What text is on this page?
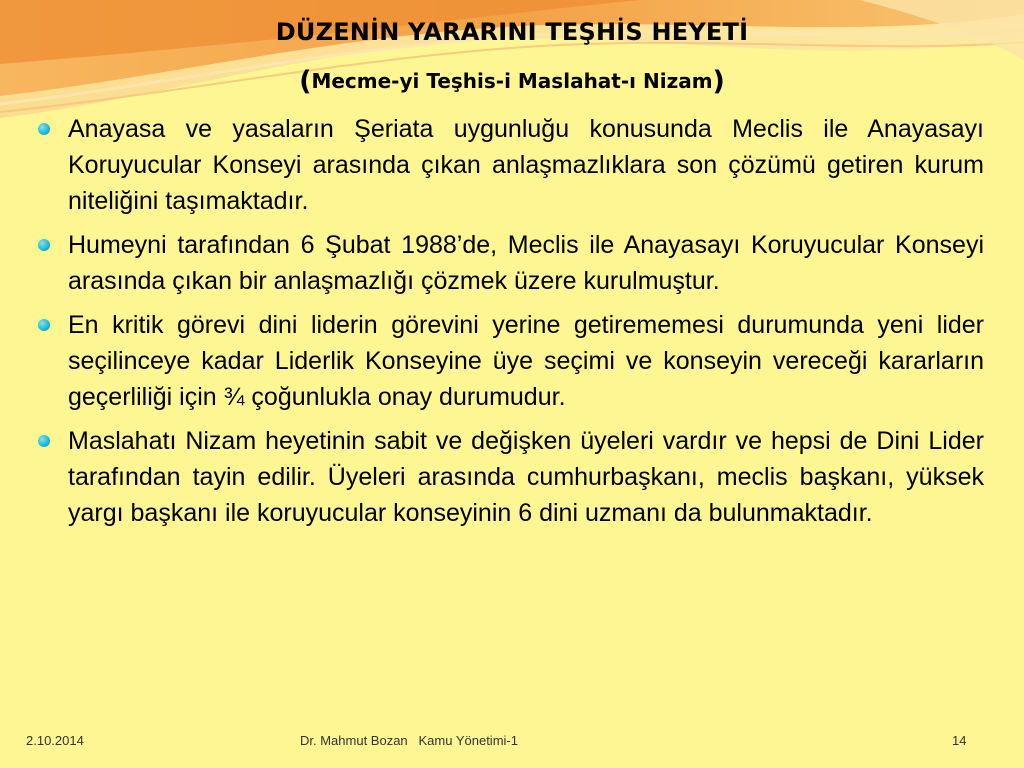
DÜZENİN YARARINI TEŞHİS HEYETİ
(Mecme-yi Teşhis-i Maslahat-ı Nizam)
Anayasa ve yasaların Şeriata uygunluğu konusunda Meclis ile Anayasayı Koruyucular Konseyi arasında çıkan anlaşmazlıklara son çözümü getiren kurum niteliğini taşımaktadır.
Humeyni tarafından 6 Şubat 1988’de, Meclis ile Anayasayı Koruyucular Konseyi arasında çıkan bir anlaşmazlığı çözmek üzere kurulmuştur.
En kritik görevi dini liderin görevini yerine getirememesi durumunda yeni lider seçilinceye kadar Liderlik Konseyine üye seçimi ve konseyin vereceği kararların geçerliliği için ¾ çoğunlukla onay durumudur.
Maslahatı Nizam heyetinin sabit ve değişken üyeleri vardır ve hepsi de Dini Lider tarafından tayin edilir. Üyeleri arasında cumhurbaşkanı, meclis başkanı, yüksek yargı başkanı ile koruyucular konseyinin 6 dini uzmanı da bulunmaktadır.
2.10.2014	Dr. Mahmut Bozan   Kamu Yönetimi-1	14
